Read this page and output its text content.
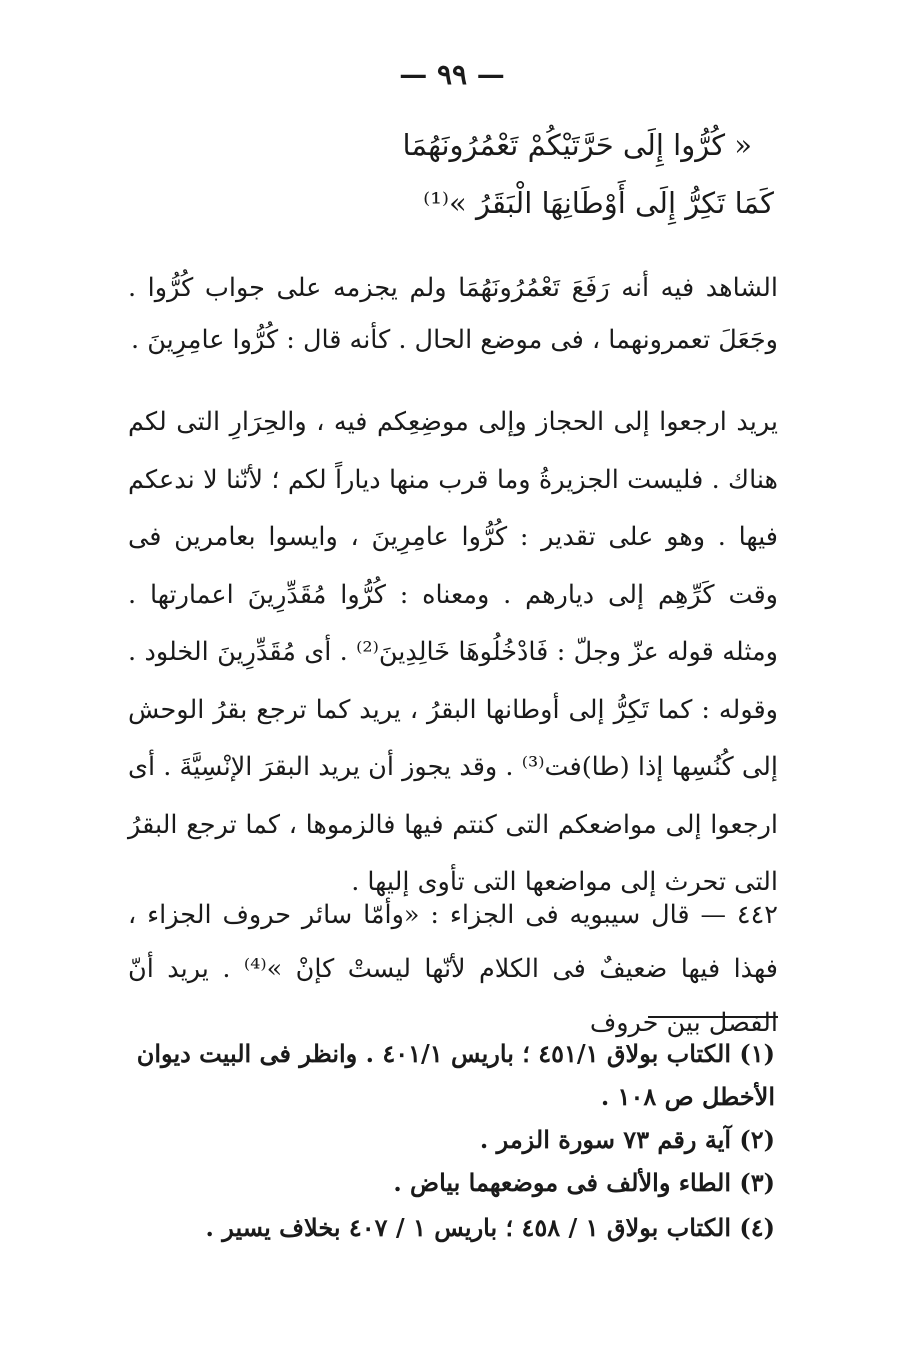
— ٩٩ —
« كُرُّوا إِلَى حَرَّتَيْكُمْ تَعْمُرُونَهُمَا
كَمَا تَكِرُّ إِلَى أَوْطَانِهَا الْبَقَرُ »⁽¹⁾
الشاهد فيه أنه رَفَعَ تَعْمُرُونَهُمَا ولم يجزمه على جواب كُرُّوا . وجَعَلَ تعمرونهما ، فى موضع الحال . كأنه قال : كُرُّوا عامِرِينَ .
يريد ارجعوا إلى الحجاز وإلى موضِعِكم فيه ، والحِرَارِ التى لكم هناك . فليست الجزيرةُ وما قرب منها دياراً لكم ؛ لأنّنا لا ندعكم فيها . وهو على تقدير : كُرُّوا عامِرِينَ ، وايسوا بعامرين فى وقت كَرِّهِم إلى ديارهم . ومعناه : كُرُّوا مُقَدِّرِينَ اعمارتها . ومثله قوله عزّ وجلّ : فَادْخُلُوهَا خَالِدِينَ⁽²⁾ . أى مُقَدِّرِينَ الخلود . وقوله : كما تَكِرُّ إلى أوطانها البقرُ ، يريد كما ترجع بقرُ الوحش إلى كُنُسِها إذا (طا)فت⁽³⁾ . وقد يجوز أن يريد البقرَ الإنْسِيَّةَ . أى ارجعوا إلى مواضعكم التى كنتم فيها فالزموها ، كما ترجع البقرُ التى تحرث إلى مواضعها التى تأوى إليها .
٤٤٢ — قال سيبويه فى الجزاء : «وأمّا سائر حروف الجزاء ، فهذا فيها ضعيفٌ فى الكلام لأنّها ليستْ كإنْ »⁽⁴⁾ . يريد أنّ الفصل بين حروف
(١) الكتاب بولاق ٤٥١/١ ؛ باريس ٤٠١/١ . وانظر فى البيت ديوان الأخطل ص ١٠٨ .
(٢) آية رقم ٧٣ سورة الزمر .
(٣) الطاء والألف فى موضعهما بياض .
(٤) الكتاب بولاق ١ / ٤٥٨ ؛ باريس ١ / ٤٠٧ بخلاف يسير .
